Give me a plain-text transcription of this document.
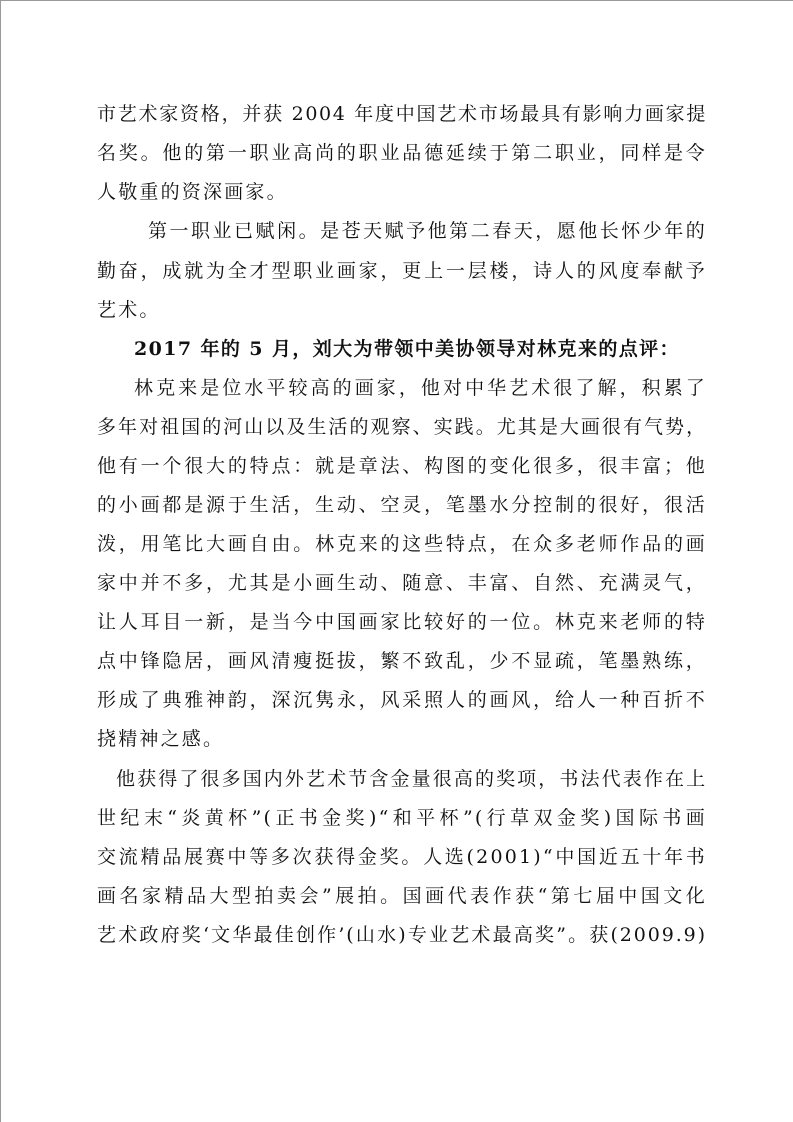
市艺术家资格，并获 2004 年度中国艺术市场最具有影响力画家提
名奖。他的第一职业高尚的职业品德延续于第二职业，同样是令
人敬重的资深画家。
第一职业已赋闲。是苍天赋予他第二春天，愿他长怀少年的
勤奋，成就为全才型职业画家，更上一层楼，诗人的风度奉献予
艺术。
2017 年的 5 月，刘大为带领中美协领导对林克来的点评：
林克来是位水平较高的画家，他对中华艺术很了解，积累了
多年对祖国的河山以及生活的观察、实践。尤其是大画很有气势，
他有一个很大的特点：就是章法、构图的变化很多，很丰富；他
的小画都是源于生活，生动、空灵，笔墨水分控制的很好，很活
泼，用笔比大画自由。林克来的这些特点，在众多老师作品的画
家中并不多，尤其是小画生动、随意、丰富、自然、充满灵气，
让人耳目一新，是当今中国画家比较好的一位。林克来老师的特
点中锋隐居，画风清瘦挺拔，繁不致乱，少不显疏，笔墨熟练，
形成了典雅神韵，深沉隽永，风采照人的画风，给人一种百折不
挠精神之感。
他获得了很多国内外艺术节含金量很高的奖项，书法代表作在上
世纪末“炎黄杯”(正书金奖)“和平杯”(行草双金奖)国际书画
交流精品展赛中等多次获得金奖。人选(2001)“中国近五十年书
画名家精品大型拍卖会”展拍。国画代表作获“第七届中国文化
艺术政府奖‘文华最佳创作’(山水)专业艺术最高奖”。获(2009.9)
